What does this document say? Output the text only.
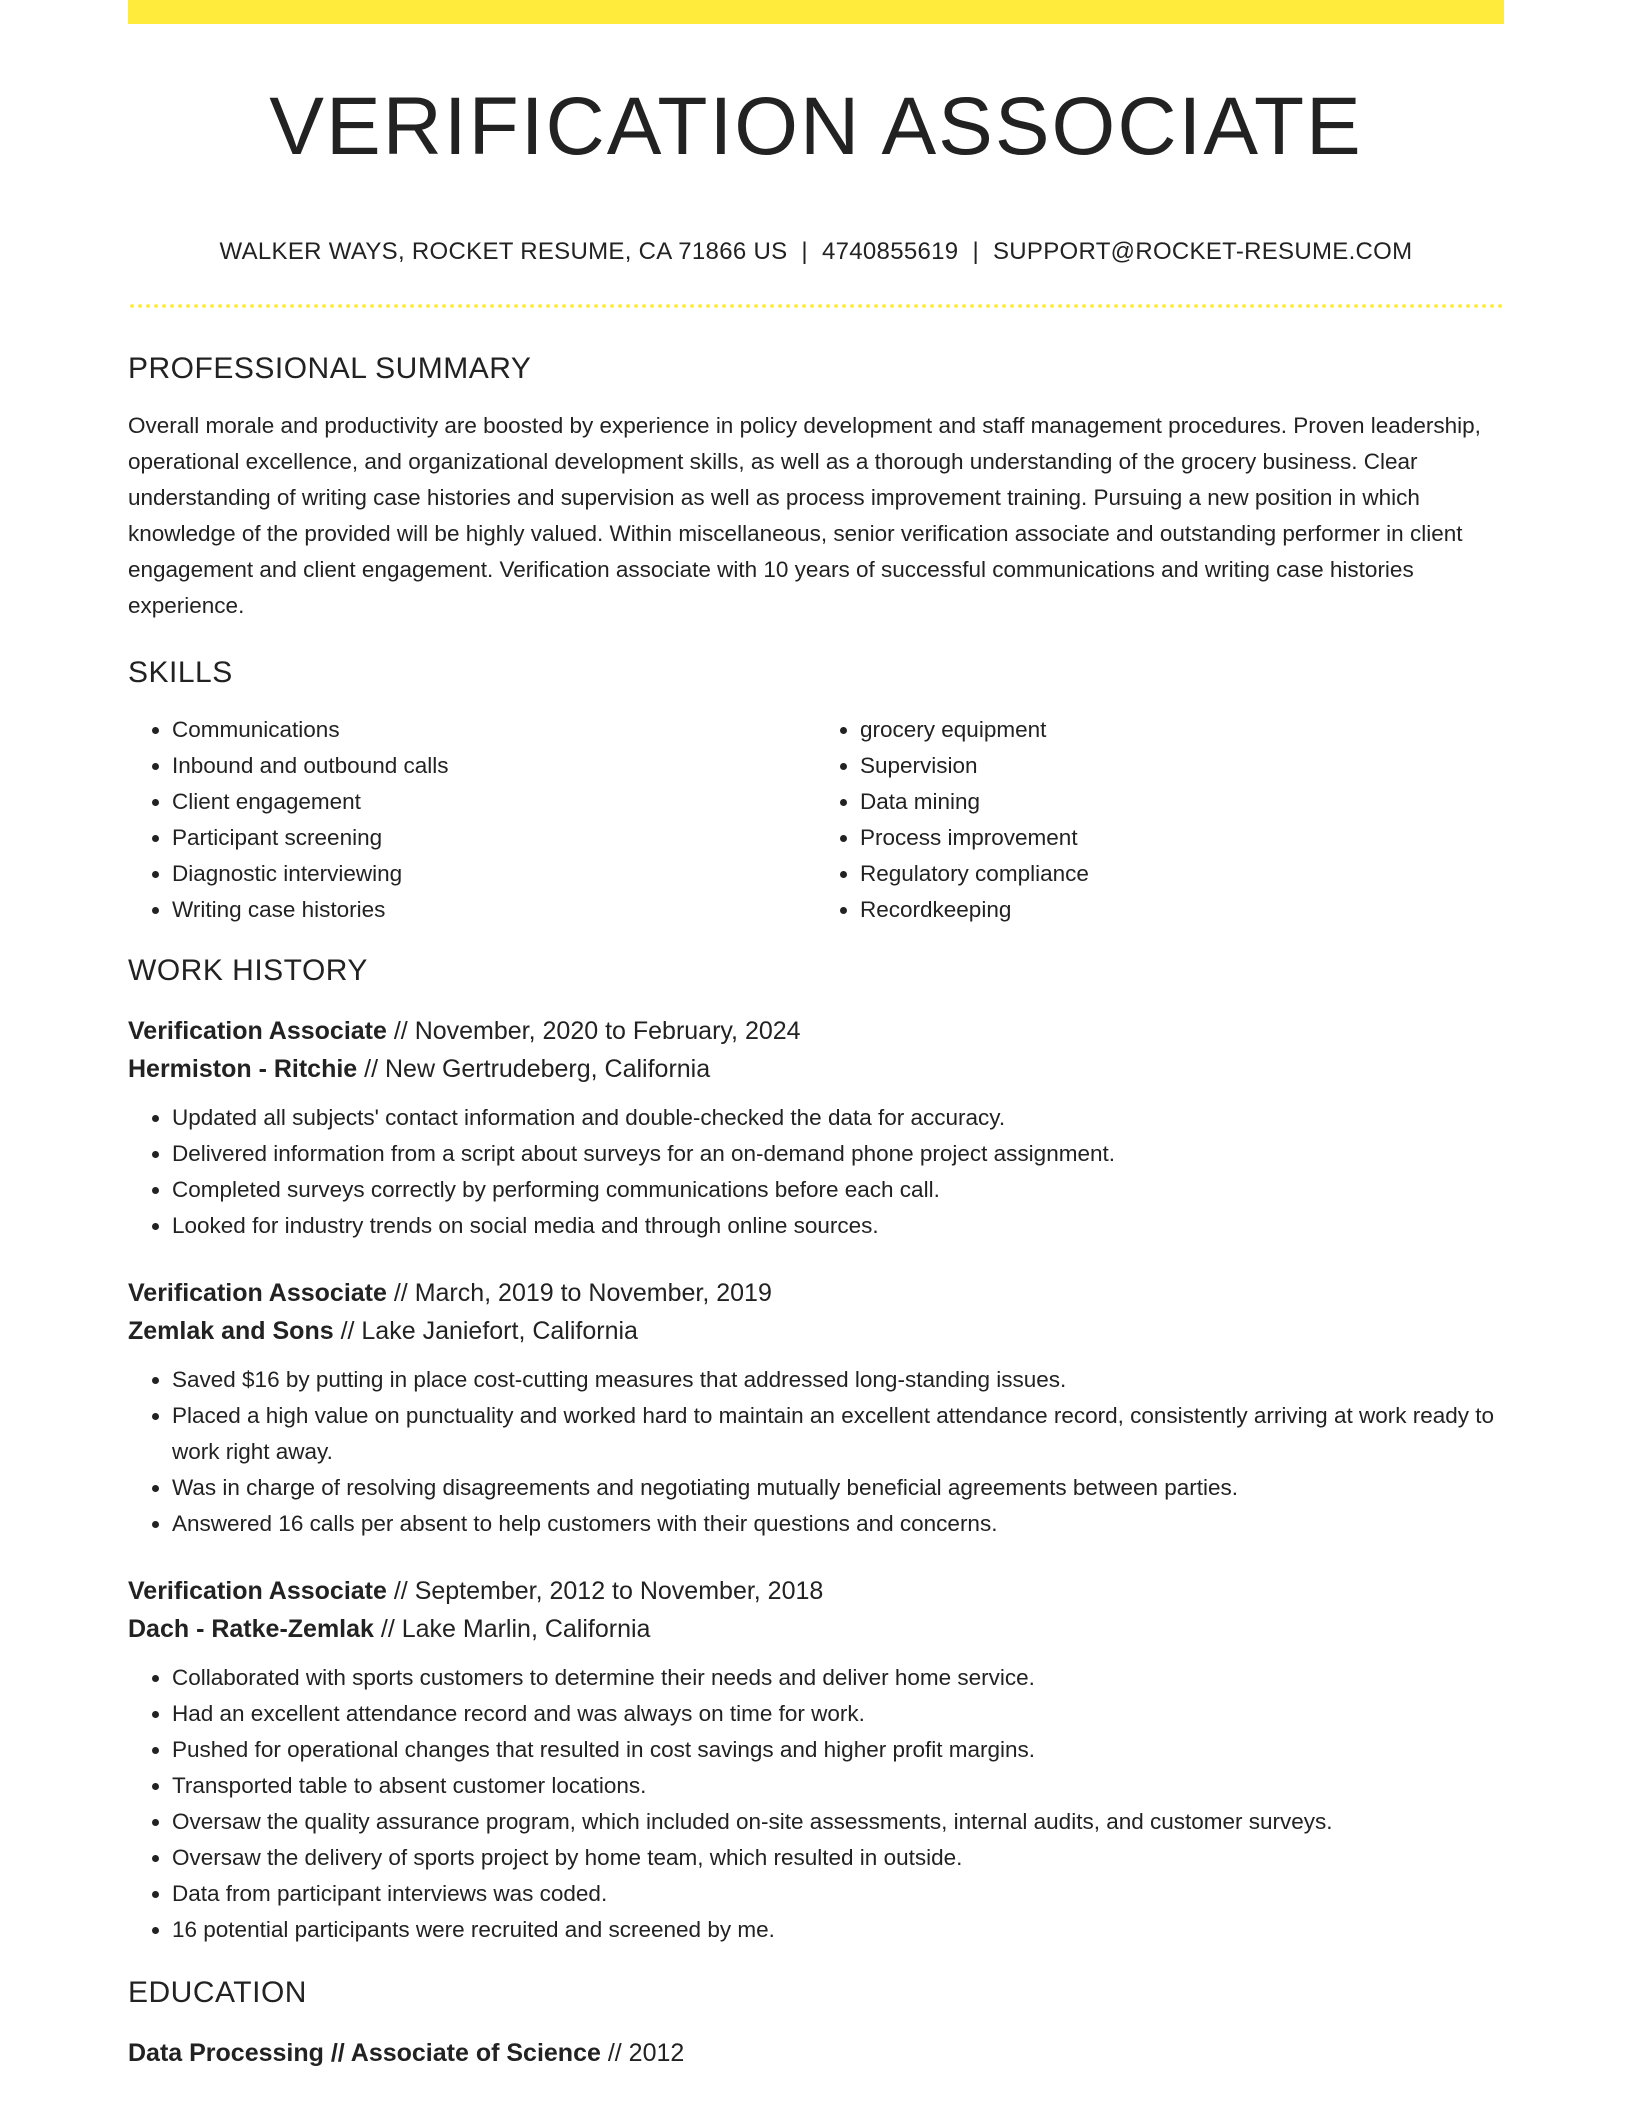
VERIFICATION ASSOCIATE
WALKER WAYS, ROCKET RESUME, CA 71866 US | 4740855619 | SUPPORT@ROCKET-RESUME.COM
PROFESSIONAL SUMMARY

Overall morale and productivity are boosted by experience in policy development and staff management procedures. Proven leadership, operational excellence, and organizational development skills, as well as a thorough understanding of the grocery business. Clear understanding of writing case histories and supervision as well as process improvement training. Pursuing a new position in which knowledge of the provided will be highly valued. Within miscellaneous, senior verification associate and outstanding performer in client engagement and client engagement. Verification associate with 10 years of successful communications and writing case histories experience.

SKILLS
• Communications
• Inbound and outbound calls
• Client engagement
• Participant screening
• Diagnostic interviewing
• Writing case histories
• grocery equipment
• Supervision
• Data mining
• Process improvement
• Regulatory compliance
• Recordkeeping
WORK HISTORY
Verification Associate // November, 2020 to February, 2024
Hermiston - Ritchie // New Gertrudeberg, California
• Updated all subjects' contact information and double-checked the data for accuracy.
• Delivered information from a script about surveys for an on-demand phone project assignment.
• Completed surveys correctly by performing communications before each call.
• Looked for industry trends on social media and through online sources.
Verification Associate // March, 2019 to November, 2019
Zemlak and Sons // Lake Janiefort, California
• Saved $16 by putting in place cost-cutting measures that addressed long-standing issues.
• Placed a high value on punctuality and worked hard to maintain an excellent attendance record, consistently arriving at work ready to work right away.
• Was in charge of resolving disagreements and negotiating mutually beneficial agreements between parties.
• Answered 16 calls per absent to help customers with their questions and concerns.
Verification Associate // September, 2012 to November, 2018
Dach - Ratke-Zemlak // Lake Marlin, California
• Collaborated with sports customers to determine their needs and deliver home service.
• Had an excellent attendance record and was always on time for work.
• Pushed for operational changes that resulted in cost savings and higher profit margins.
• Transported table to absent customer locations.
• Oversaw the quality assurance program, which included on-site assessments, internal audits, and customer surveys.
• Oversaw the delivery of sports project by home team, which resulted in outside.
• Data from participant interviews was coded.
• 16 potential participants were recruited and screened by me.
EDUCATION
Data Processing // Associate of Science // 2012
